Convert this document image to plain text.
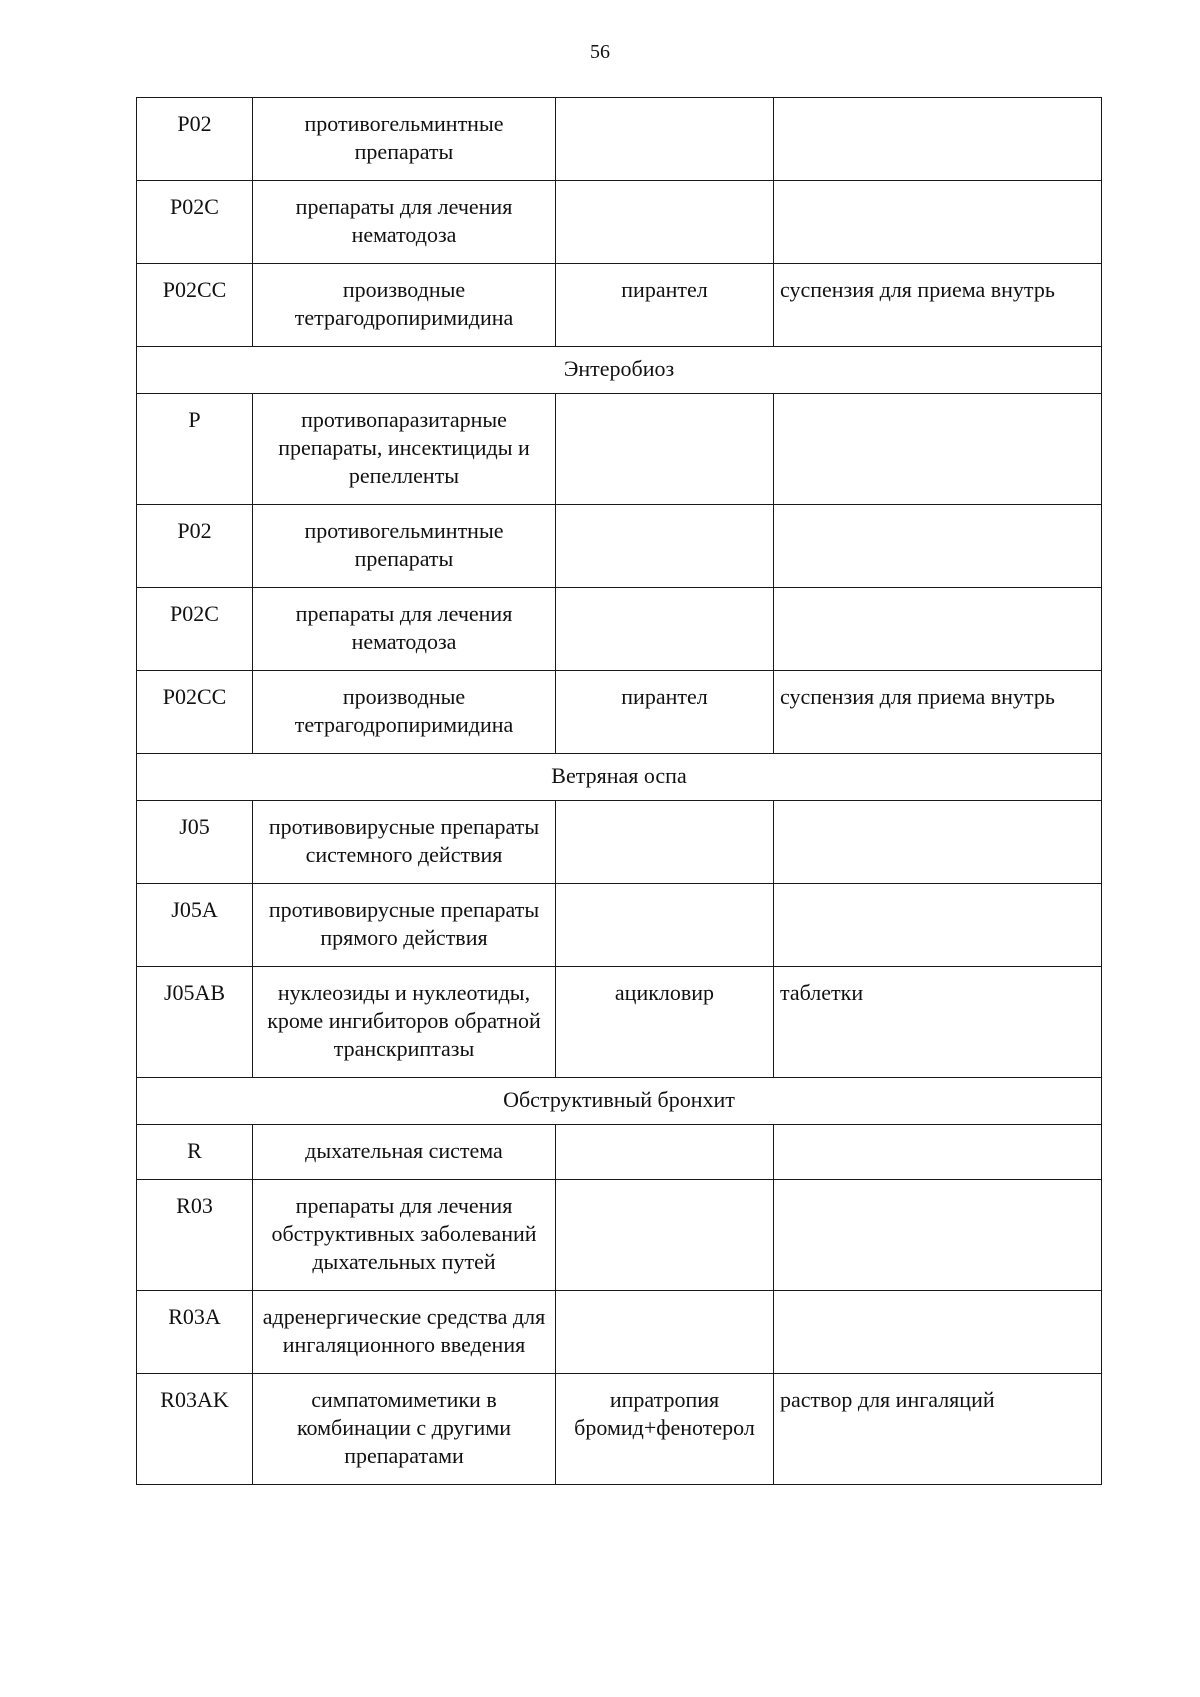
56
P02	противогельминтные препараты		
P02C	препараты для лечения нематодоза		
P02CC	производные тетрагодропиримидина	пирантел	суспензия для приема внутрь
Энтеробиоз			
P	противопаразитарные препараты, инсектициды и репелленты		
P02	противогельминтные препараты		
P02C	препараты для лечения нематодоза		
P02CC	производные тетрагодропиримидина	пирантел	суспензия для приема внутрь
Ветряная оспа			
J05	противовирусные препараты системного действия		
J05A	противовирусные препараты прямого действия		
J05AB	нуклеозиды и нуклеотиды, кроме ингибиторов обратной транскриптазы	ацикловир	таблетки
Обструктивный бронхит			
R	дыхательная система		
R03	препараты для лечения обструктивных заболеваний дыхательных путей		
R03A	адренергические средства для ингаляционного введения		
R03AK	симпатомиметики в комбинации с другими препаратами	ипратропия бромид+фенотерол	раствор для ингаляций
